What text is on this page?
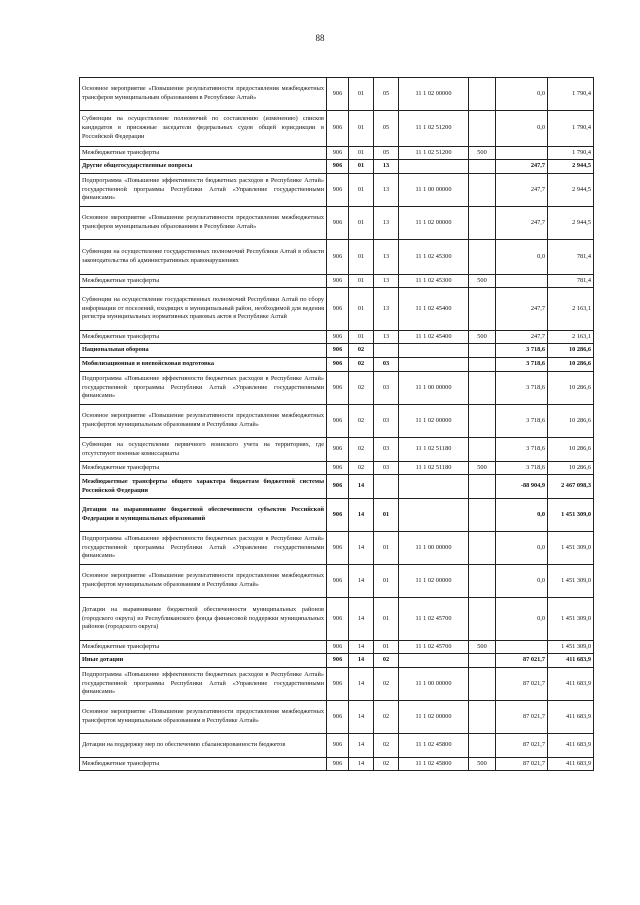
88
Основное мероприятие «Повышение результативности предоставления межбюджетных трансферов муниципальным образованиям в Республике Алтай»	906	01	05	11 1 02 00000		0,0	1 790,4
Субвенции на осуществление полномочий по составлению (изменению) списков кандидатов в присяжные заседатели федеральных судов общей юрисдикции в Российской Федерации	906	01	05	11 1 02 51200		0,0	1 790,4
Межбюджетные трансферты	906	01	05	11 1 02 51200	500		1 790,4
Другие общегосударственные вопросы	906	01	13			247,7	2 944,5
Подпрограмма «Повышение эффективности бюджетных расходов в Республике Алтай» государственной программы Республики Алтай «Управление государственными финансами»	906	01	13	11 1 00 00000		247,7	2 944,5
Основное мероприятие «Повышение результативности предоставления межбюджетных трансферов муниципальным образованиям в Республике Алтай»	906	01	13	11 1 02 00000		247,7	2 944,5
Субвенции на осуществление государственных полномочий Республики Алтай в области законодательства об административных правонарушениях	906	01	13	11 1 02 45300		0,0	781,4
Межбюджетные трансферты	906	01	13	11 1 02 45300	500		781,4
Субвенции на осуществление государственных полномочий Республики Алтай по сбору информации от поселений, входящих в муниципальный район, необходимой для ведения регистра муниципальных нормативных правовых актов в Республике Алтай	906	01	13	11 1 02 45400		247,7	2 163,1
Межбюджетные трансферты	906	01	13	11 1 02 45400	500	247,7	2 163,1
Национальная оборона	906	02				3 718,6	10 286,6
Мобилизационная и вневойсковая подготовка	906	02	03			3 718,6	10 286,6
Подпрограмма «Повышение эффективности бюджетных расходов в Республике Алтай» государственной программы Республики Алтай «Управление государственными финансами»	906	02	03	11 1 00 00000		3 718,6	10 286,6
Основное мероприятие «Повышение результативности предоставления межбюджетных трансфертов муниципальным образованиям в Республике Алтай»	906	02	03	11 1 02 00000		3 718,6	10 286,6
Субвенции на осуществление первичного воинского учета на территориях, где отсутствуют военные комиссариаты	906	02	03	11 1 02 51180		3 718,6	10 286,6
Межбюджетные трансферты	906	02	03	11 1 02 51180	500	3 718,6	10 286,6
Межбюджетные трансферты общего характера бюджетам бюджетной системы Российской Федерации	906	14				-88 904,9	2 467 098,3
Дотации на выравнивание бюджетной обеспеченности субъектов Российской Федерации и муниципальных образований	906	14	01			0,0	1 451 309,0
Подпрограмма «Повышение эффективности бюджетных расходов в Республике Алтай» государственной программы Республики Алтай «Управление государственными финансами»	906	14	01	11 1 00 00000		0,0	1 451 309,0
Основное мероприятие «Повышение результативности предоставления межбюджетных трансфертов муниципальным образованиям в Республике Алтай»	906	14	01	11 1 02 00000		0,0	1 451 309,0
Дотации на выравнивание бюджетной обеспеченности муниципальных районов (городского округа) из Республиканского фонда финансовой поддержки муниципальных районов (городского округа)	906	14	01	11 1 02 45700		0,0	1 451 309,0
Межбюджетные трансферты	906	14	01	11 1 02 45700	500		1 451 309,0
Иные дотации	906	14	02			87 021,7	411 683,9
Подпрограмма «Повышение эффективности бюджетных расходов в Республике Алтай» государственной программы Республики Алтай «Управление государственными финансами»	906	14	02	11 1 00 00000		87 021,7	411 683,9
Основное мероприятие «Повышение результативности предоставления межбюджетных трансфертов муниципальным образованиям в Республике Алтай»	906	14	02	11 1 02 00000		87 021,7	411 683,9
Дотации на поддержку мер по обеспечению сбалансированности бюджетов	906	14	02	11 1 02 45800		87 021,7	411 683,9
Межбюджетные трансферты	906	14	02	11 1 02 45800	500	87 021,7	411 683,9
